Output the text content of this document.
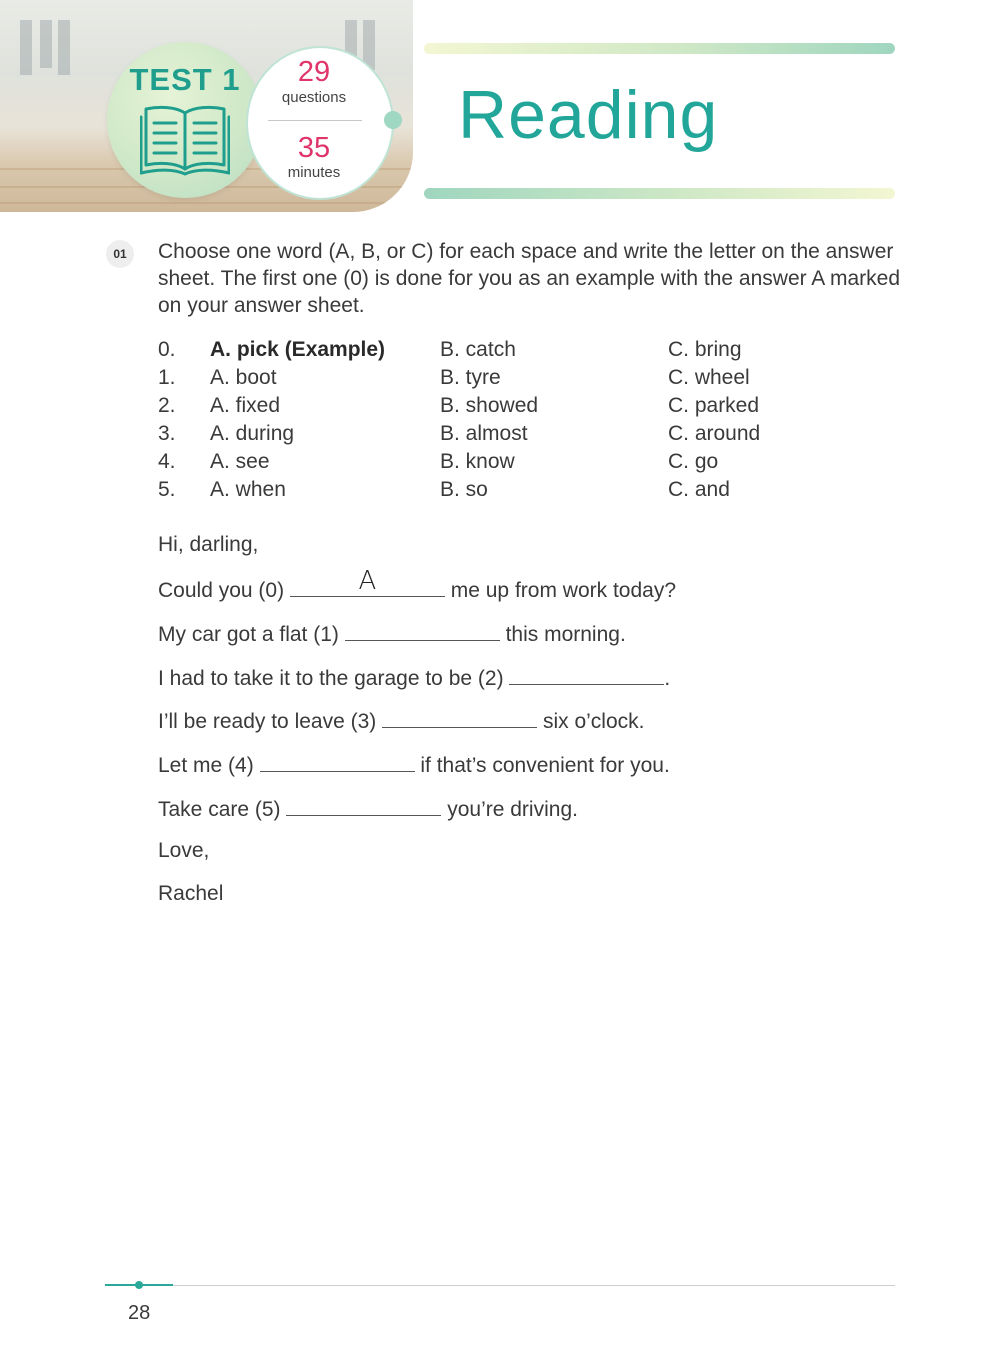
TEST 1	29
questions
35
minutes
Reading
01	Choose one word (A, B, or C) for each space and write the letter on the answer sheet. The first one (0) is done for you as an example with the answer A marked on your answer sheet.
0. A. pick (Example)	B. catch	C. bring
1. A. boot	B. tyre	C. wheel
2. A. fixed	B. showed	C. parked
3. A. during	B. almost	C. around
4. A. see	B. know	C. go
5. A. when	B. so	C. and
Hi, darling,
Could you (0)	A	me up from work today?
My car got a flat (1)	this morning.
I had to take it to the garage to be (2)	.
I’ll be ready to leave (3)	six o’clock.
Let me (4)	if that’s convenient for you.
Take care (5)	you’re driving.
Love,
Rachel
28
